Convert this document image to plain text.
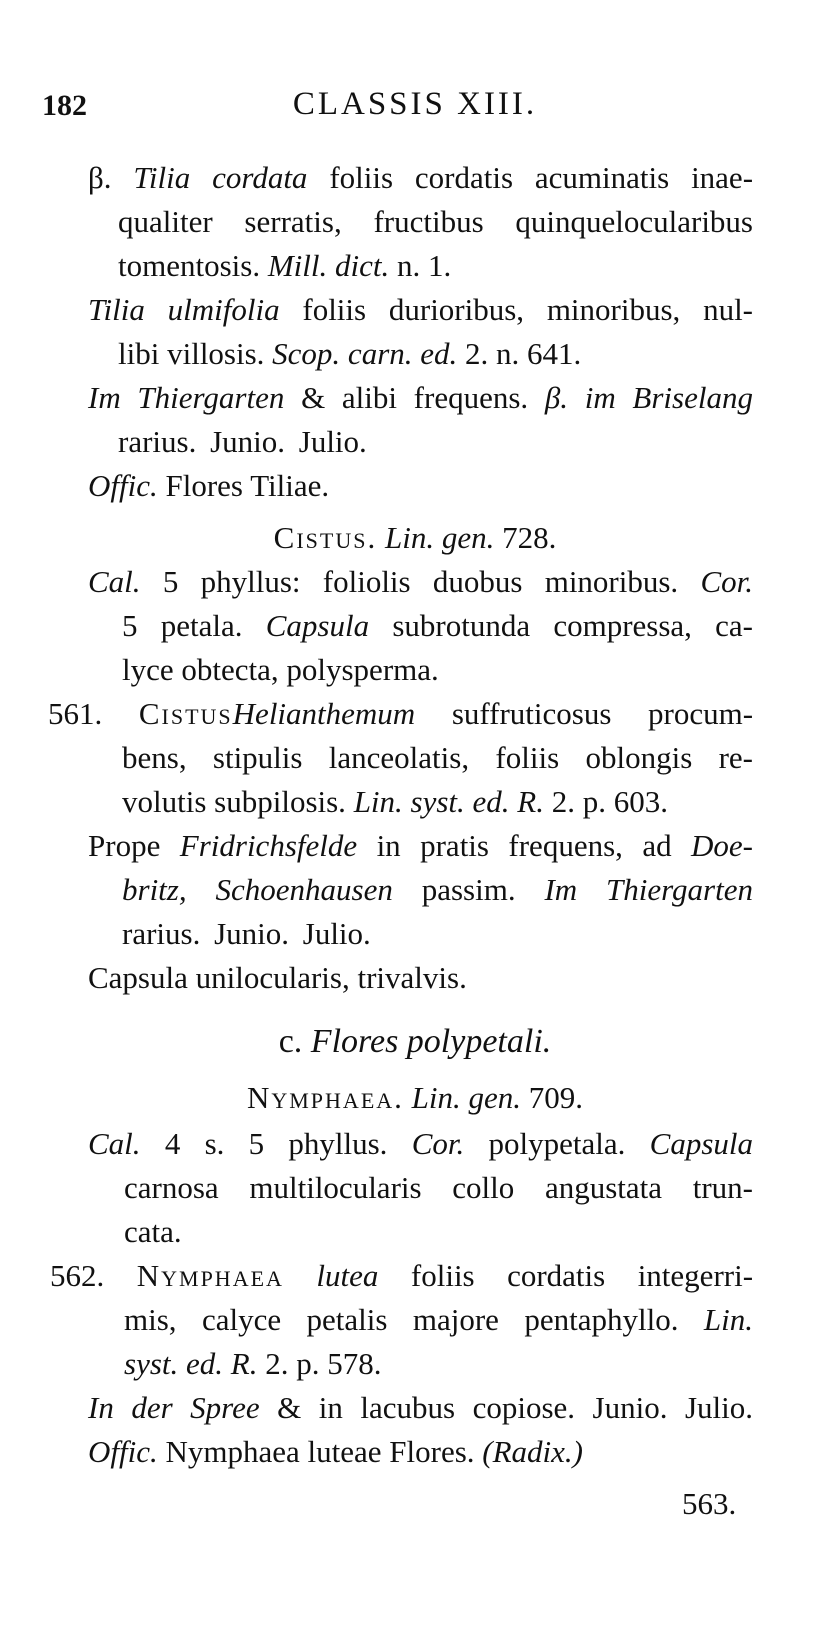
182	CLASSIS XIII.
β. Tilia cordata foliis cordatis acuminatis inae-
qualiter serratis, fructibus quinquelocularibus
tomentosis. Mill. dict. n. 1.
Tilia ulmifolia foliis durioribus, minoribus, nul-
libi villosis. Scop. carn. ed. 2. n. 641.
Im Thiergarten & alibi frequens. β. im Briselang
rarius. Junio. Julio.
Offic. Flores Tiliae.
Cistus. Lin. gen. 728.
Cal. 5 phyllus: foliolis duobus minoribus. Cor.
5 petala. Capsula subrotunda compressa, ca-
lyce obtecta, polysperma.
561. CistusHelianthemum suffruticosus procum-
bens, stipulis lanceolatis, foliis oblongis re-
volutis subpilosis. Lin. syst. ed. R. 2. p. 603.
Prope Fridrichsfelde in pratis frequens, ad Doe-
britz, Schoenhausen passim. Im Thiergarten
rarius. Junio. Julio.
Capsula unilocularis, trivalvis.
c. Flores polypetali.
Nymphaea. Lin. gen. 709.
Cal. 4 s. 5 phyllus. Cor. polypetala. Capsula
carnosa multilocularis collo angustata trun-
cata.
562. Nymphaea lutea foliis cordatis integerri-
mis, calyce petalis majore pentaphyllo. Lin.
syst. ed. R. 2. p. 578.
In der Spree & in lacubus copiose. Junio. Julio.
Offic. Nymphaea luteae Flores. (Radix.)
563.
